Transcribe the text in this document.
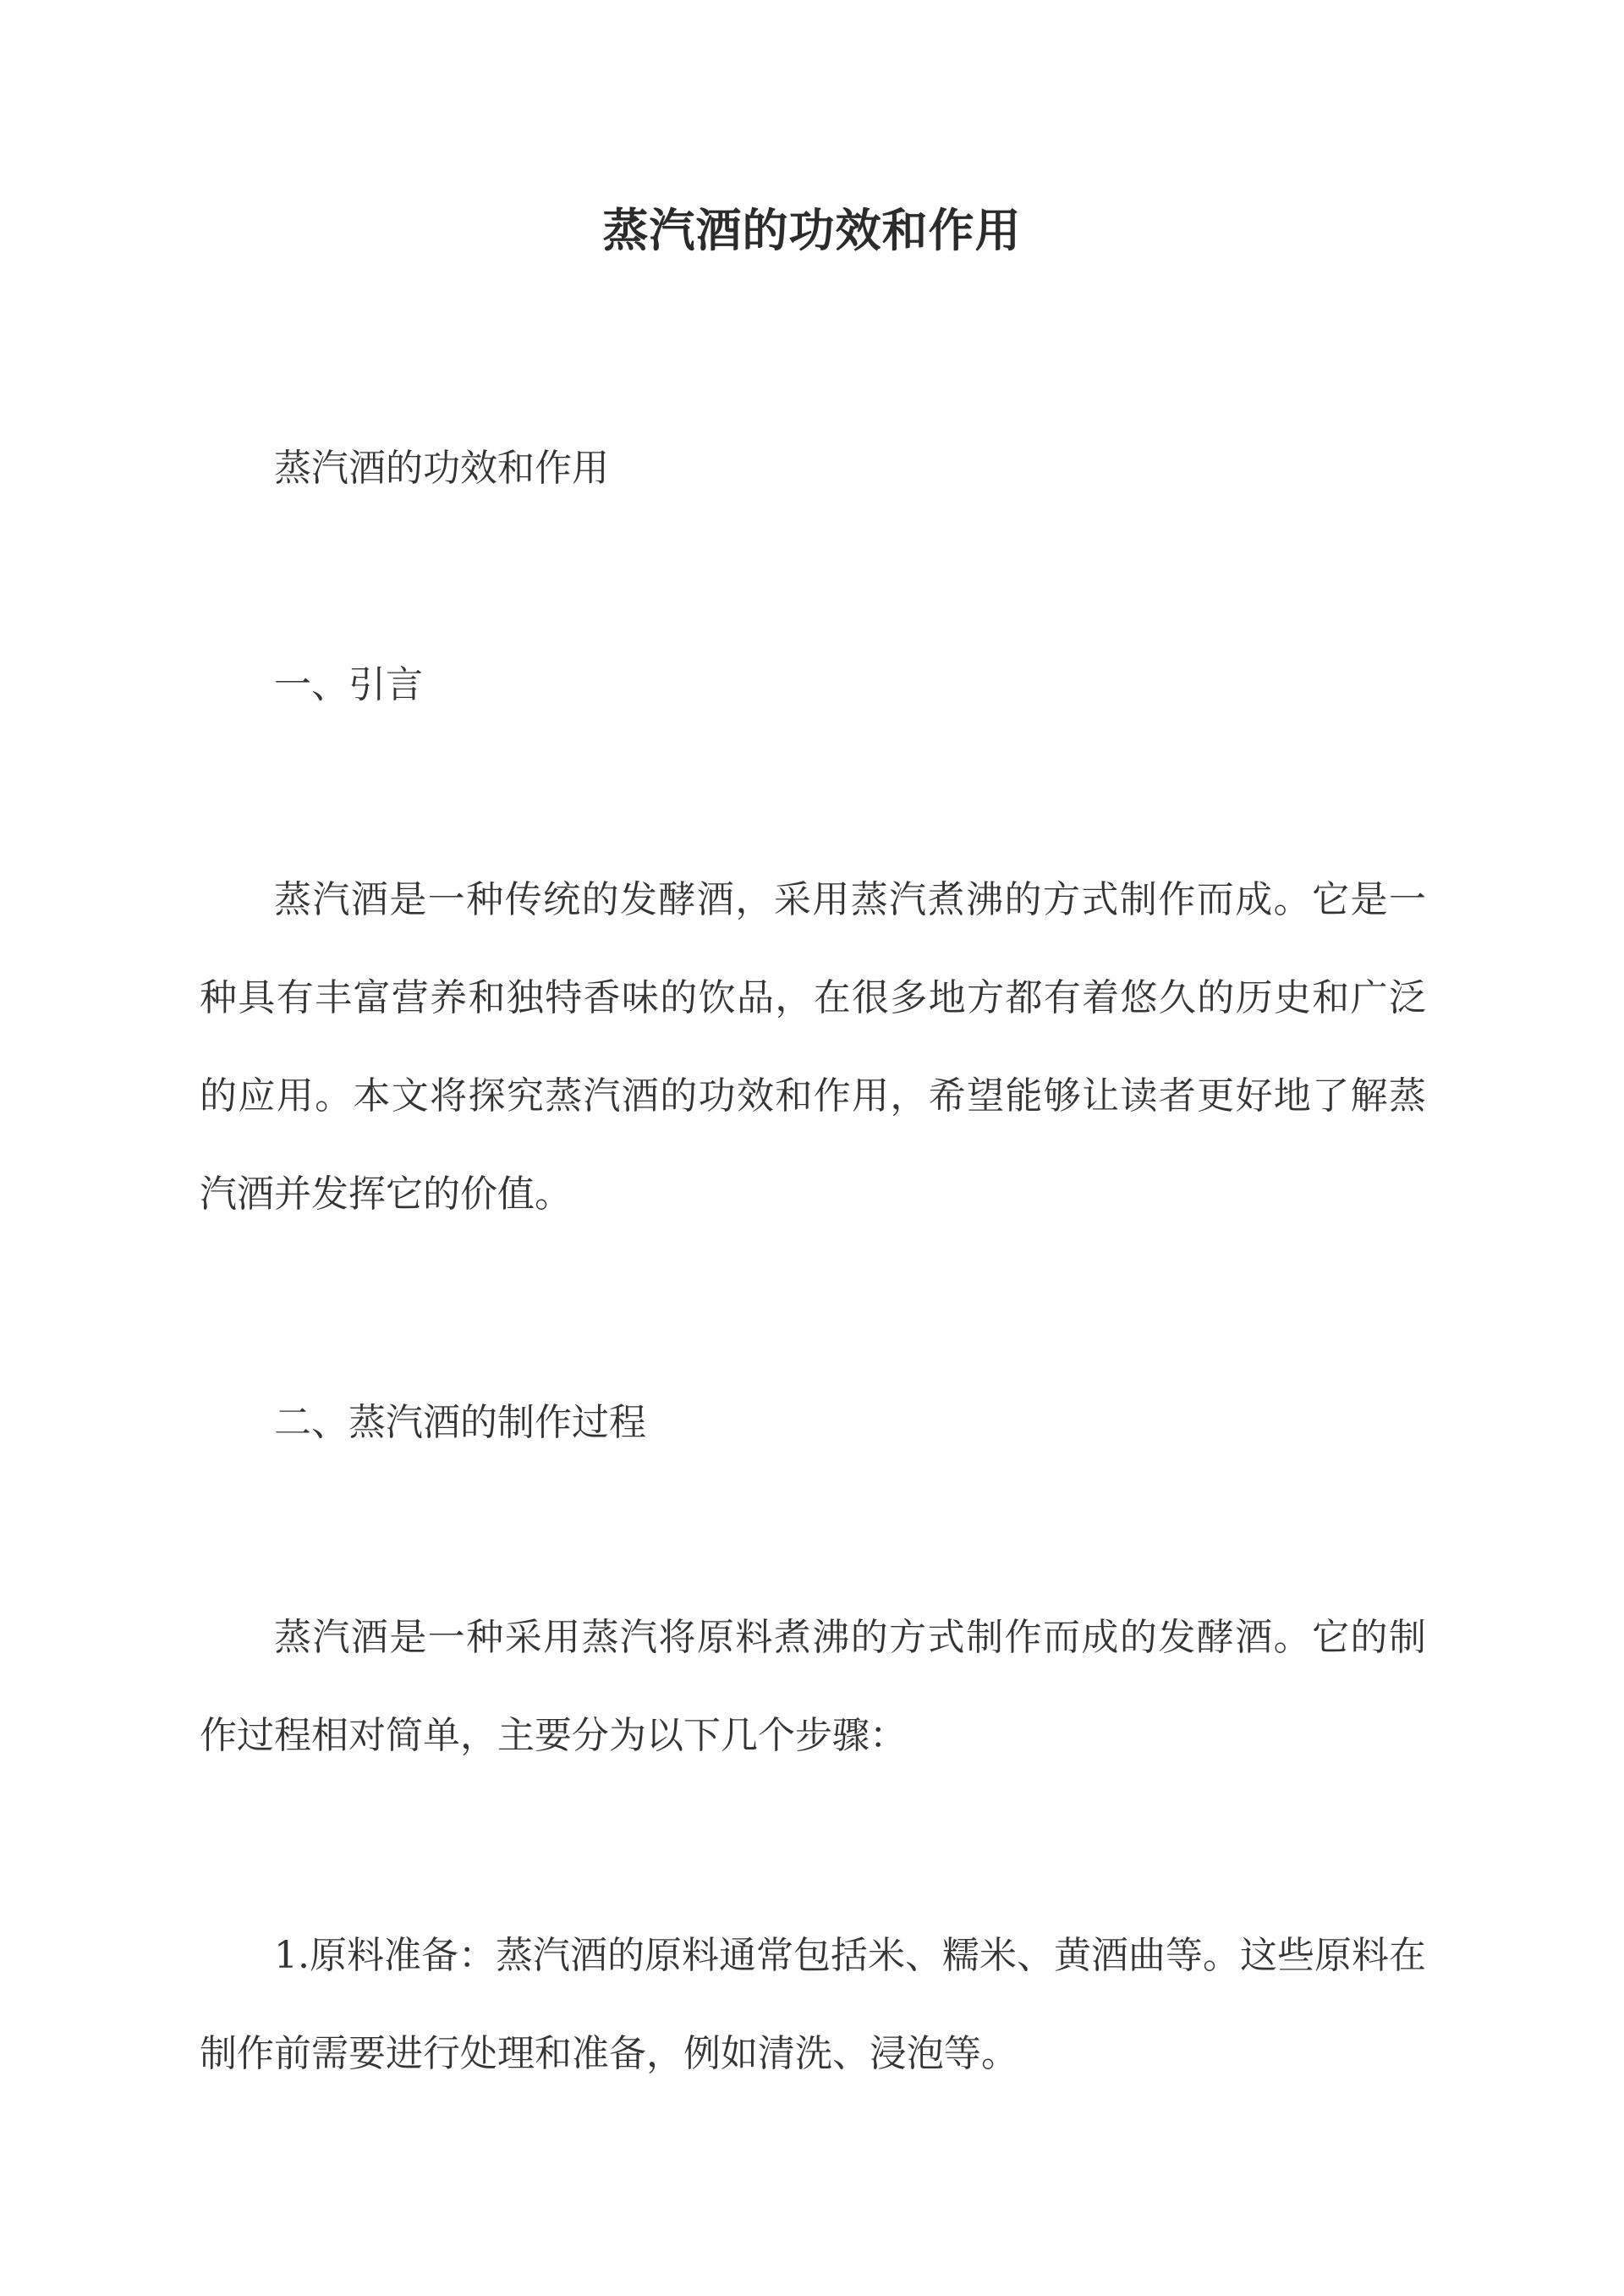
蒸汽酒的功效和作用
蒸汽酒的功效和作用
一、引言
蒸汽酒是一种传统的发酵酒，采用蒸汽煮沸的方式制作而成。它是一种具有丰富营养和独特香味的饮品，在很多地方都有着悠久的历史和广泛的应用。本文将探究蒸汽酒的功效和作用，希望能够让读者更好地了解蒸汽酒并发挥它的价值。
二、蒸汽酒的制作过程
蒸汽酒是一种采用蒸汽将原料煮沸的方式制作而成的发酵酒。它的制作过程相对简单，主要分为以下几个步骤：
1.原料准备：蒸汽酒的原料通常包括米、糯米、黄酒曲等。这些原料在制作前需要进行处理和准备，例如清洗、浸泡等。
